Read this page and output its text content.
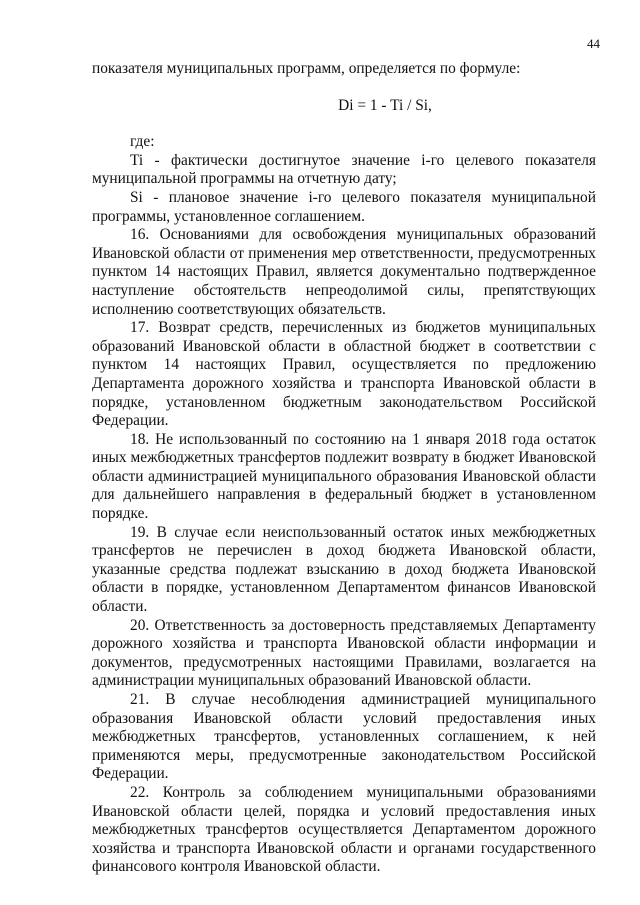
44

показателя муниципальных программ, определяется по формуле:

Di = 1 - Ti / Si,

где:

Ti - фактически достигнутое значение i-го целевого показателя муниципальной программы на отчетную дату;

Si - плановое значение i-го целевого показателя муниципальной программы, установленное соглашением.

16. Основаниями для освобождения муниципальных образований Ивановской области от применения мер ответственности, предусмотренных пунктом 14 настоящих Правил, является документально подтвержденное наступление обстоятельств непреодолимой силы, препятствующих исполнению соответствующих обязательств.

17. Возврат средств, перечисленных из бюджетов муниципальных образований Ивановской области в областной бюджет в соответствии с пунктом 14 настоящих Правил, осуществляется по предложению Департамента дорожного хозяйства и транспорта Ивановской области в порядке, установленном бюджетным законодательством Российской Федерации.

18. Не использованный по состоянию на 1 января 2018 года остаток иных межбюджетных трансфертов подлежит возврату в бюджет Ивановской области администрацией муниципального образования Ивановской области для дальнейшего направления в федеральный бюджет в установленном порядке.

19. В случае если неиспользованный остаток иных межбюджетных трансфертов не перечислен в доход бюджета Ивановской области, указанные средства подлежат взысканию в доход бюджета Ивановской области в порядке, установленном Департаментом финансов Ивановской области.

20. Ответственность за достоверность представляемых Департаменту дорожного хозяйства и транспорта Ивановской области информации и документов, предусмотренных настоящими Правилами, возлагается на администрации муниципальных образований Ивановской области.

21. В случае несоблюдения администрацией муниципального образования Ивановской области условий предоставления иных межбюджетных трансфертов, установленных соглашением, к ней применяются меры, предусмотренные законодательством Российской Федерации.

22. Контроль за соблюдением муниципальными образованиями Ивановской области целей, порядка и условий предоставления иных межбюджетных трансфертов осуществляется Департаментом дорожного хозяйства и транспорта Ивановской области и органами государственного финансового контроля Ивановской области.
